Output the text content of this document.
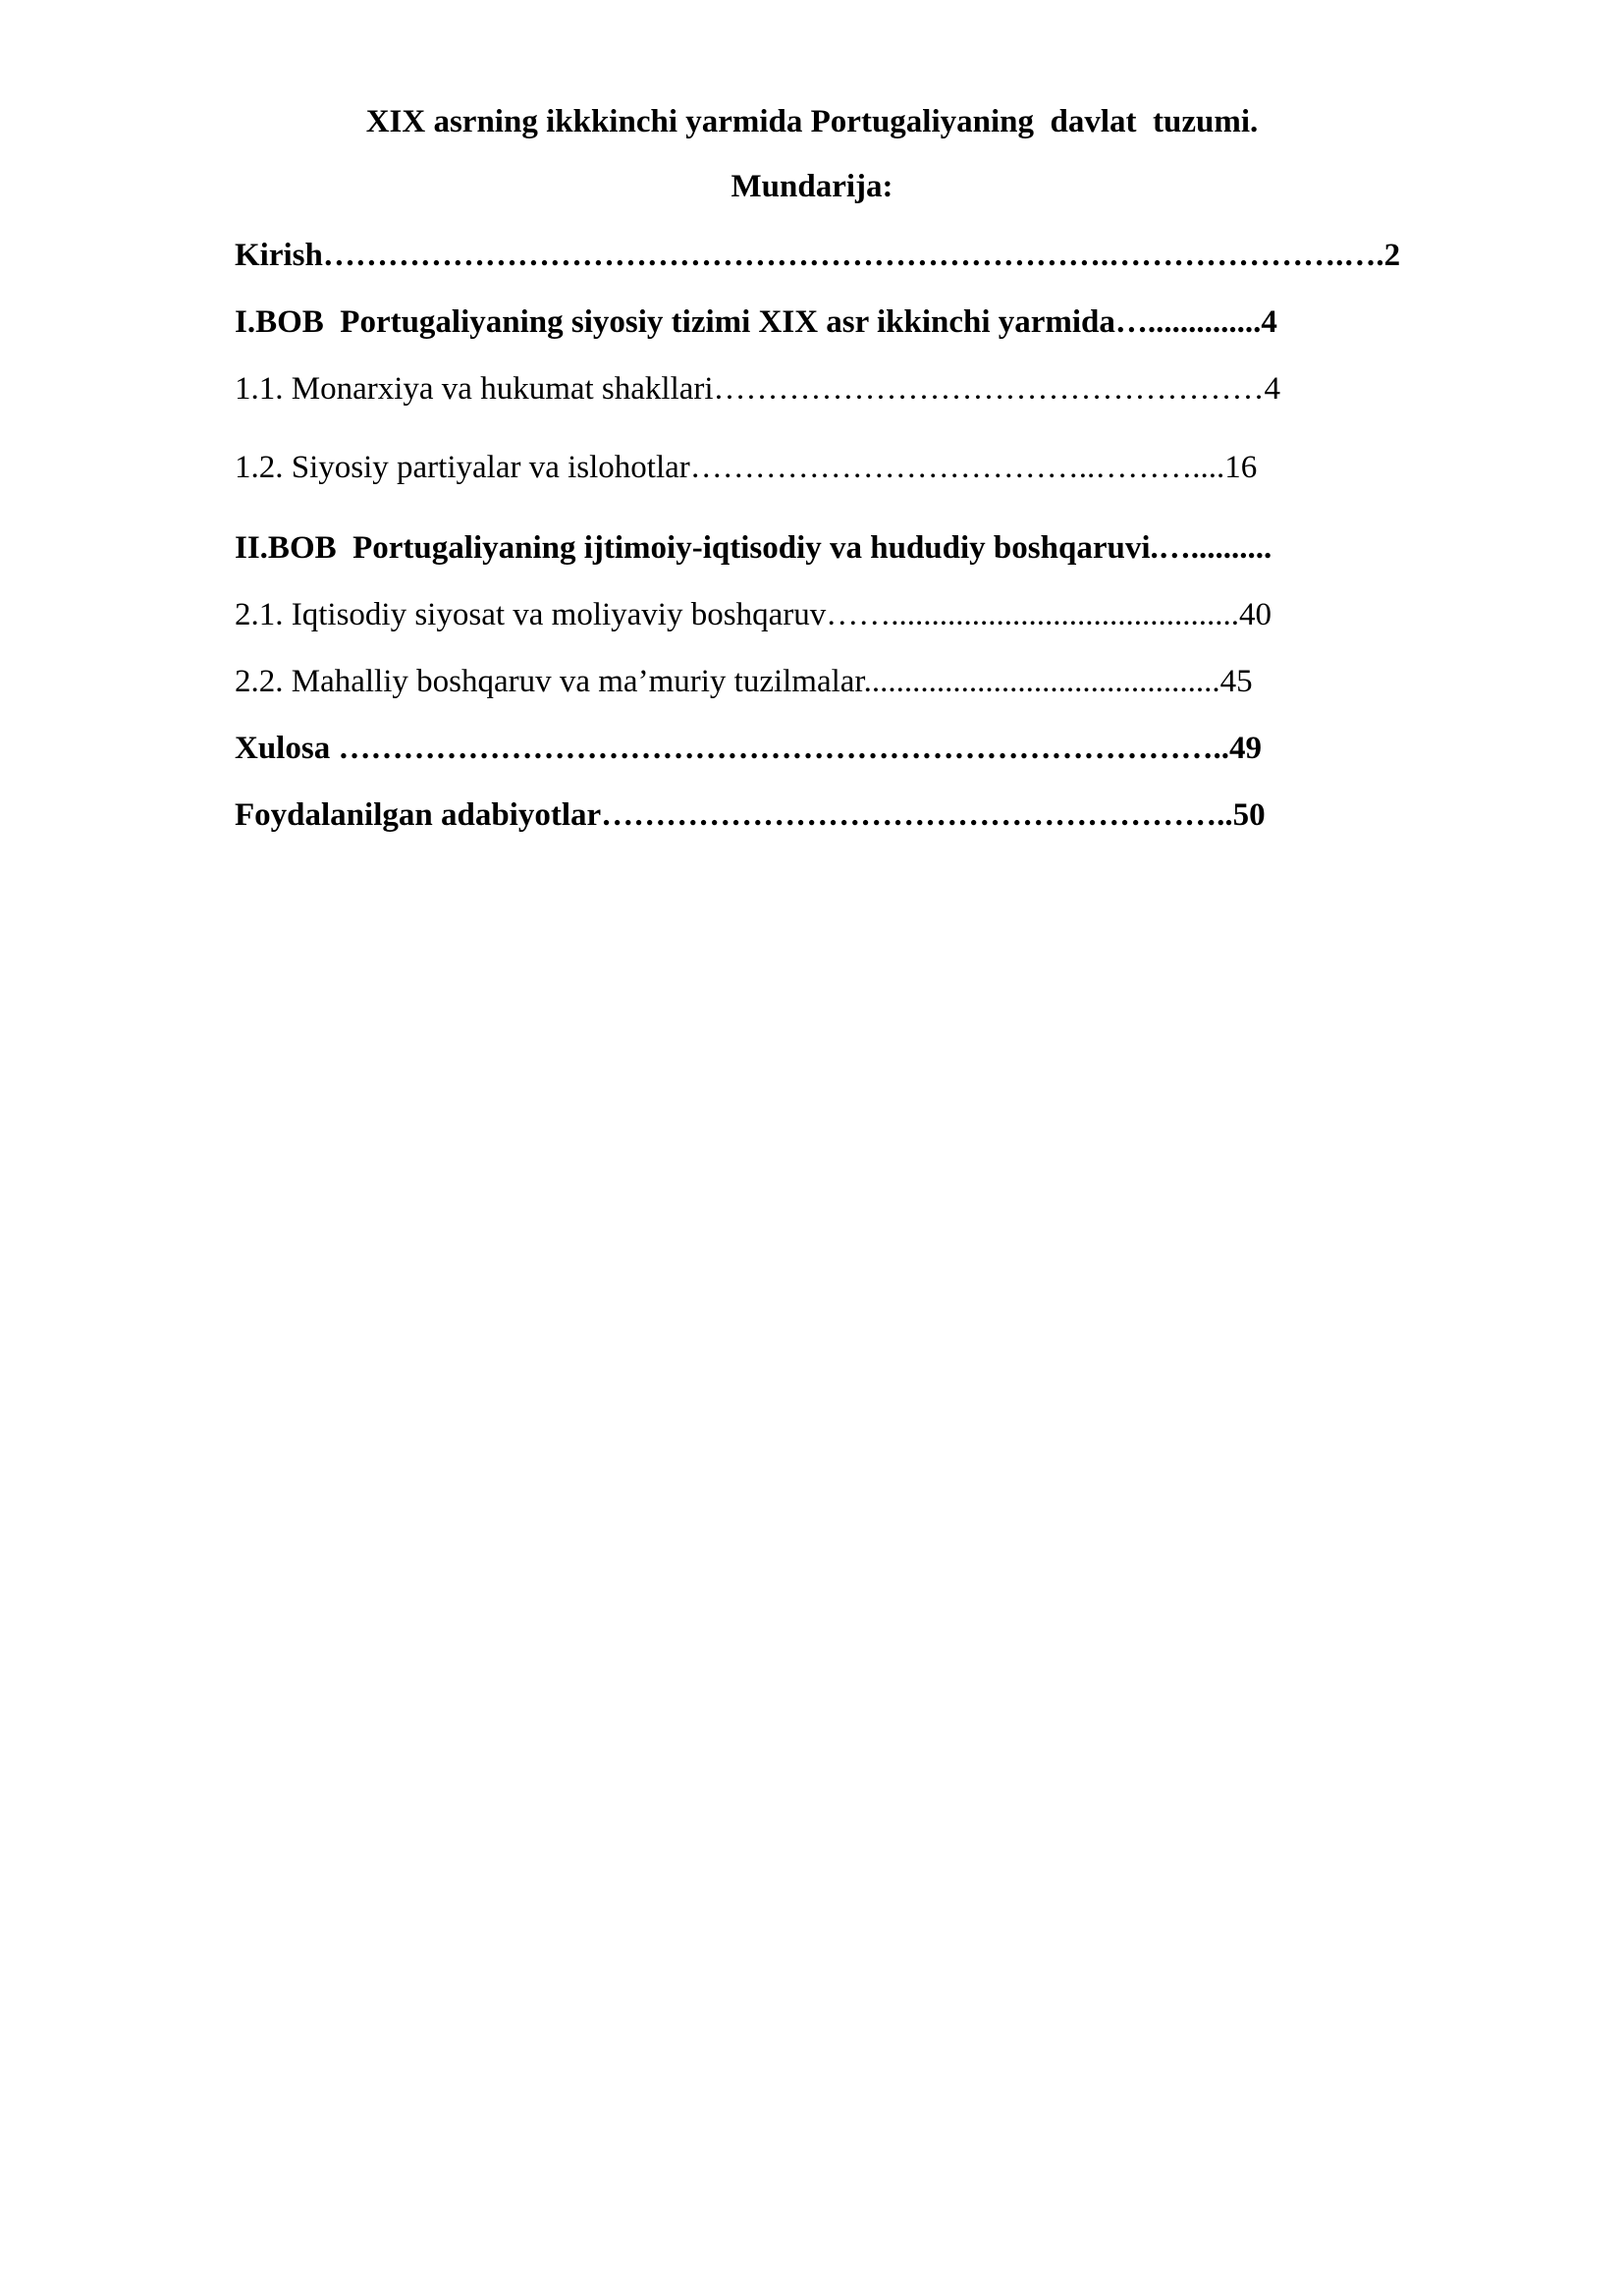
XIX asrning ikkkinchi yarmida Portugaliyaning  davlat  tuzumi.
Mundarija:
Kirish……………………………………………………………….………………….….2
I.BOB  Portugaliyaning siyosiy tizimi XIX asr ikkinchi yarmida…..............4
1.1. Monarxiya va hukumat shakllari……………………………………………4
1.2. Siyosiy partiyalar va islohotlar………………………………..………....16
II.BOB  Portugaliyaning ijtimoiy-iqtisodiy va hududiy boshqaruvi.…..........
2.1. Iqtisodiy siyosat va moliyaviy boshqaruv……...........................................40
2.2. Mahalliy boshqaruv va ma’muriy tuzilmalar............................................45
Xulosa ………………………………………………………………………..49
Foydalanilgan adabiyotlar…………………………………………………..50
